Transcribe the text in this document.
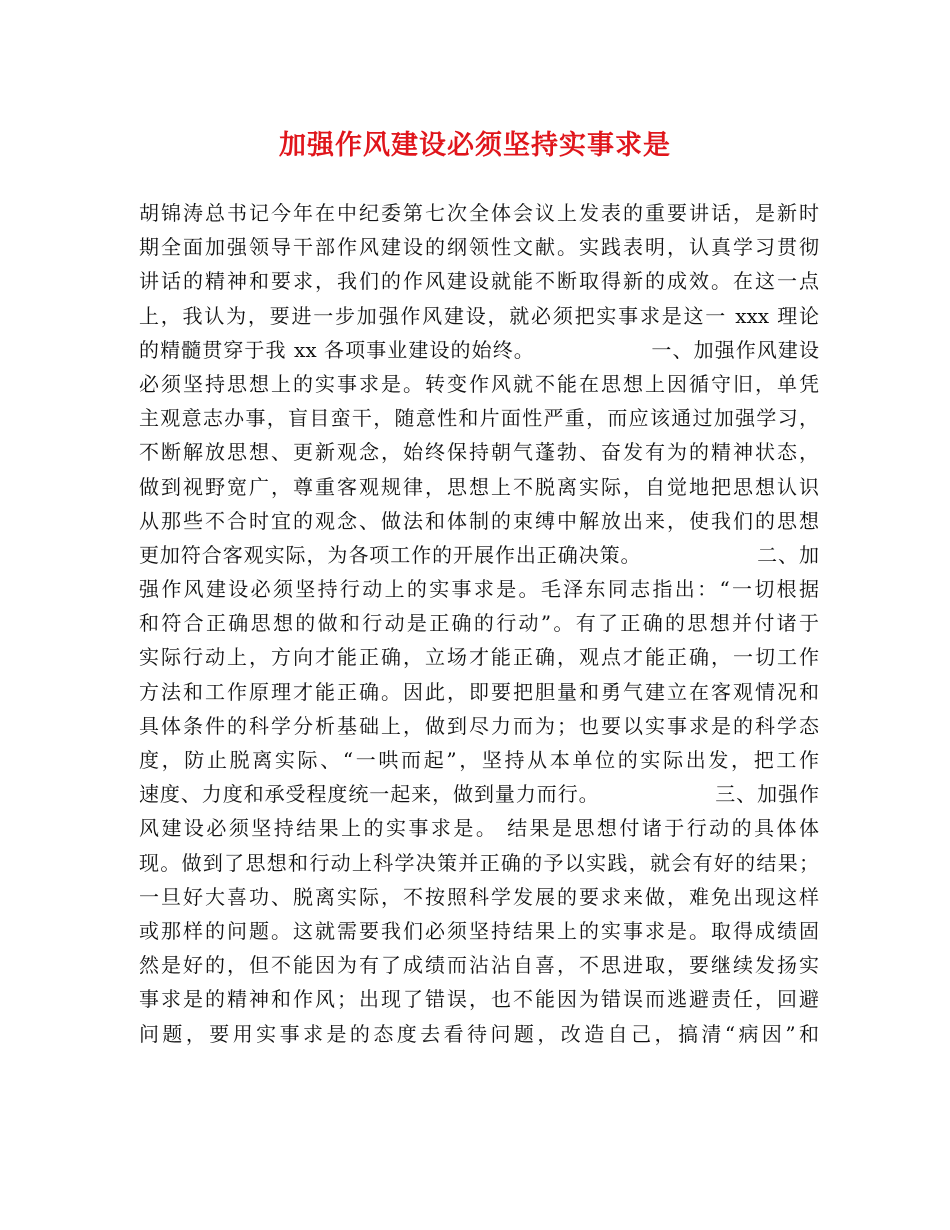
加强作风建设必须坚持实事求是
胡锦涛总书记今年在中纪委第七次全体会议上发表的重要讲话，是新时
期全面加强领导干部作风建设的纲领性文献。实践表明，认真学习贯彻
讲话的精神和要求，我们的作风建设就能不断取得新的成效。在这一点
上，我认为，要进一步加强作风建设，就必须把实事求是这一 xxx 理论
的精髓贯穿于我 xx 各项事业建设的始终。　　　　　　一、加强作风建设
必须坚持思想上的实事求是。转变作风就不能在思想上因循守旧，单凭
主观意志办事，盲目蛮干，随意性和片面性严重，而应该通过加强学习，
不断解放思想、更新观念，始终保持朝气蓬勃、奋发有为的精神状态，
做到视野宽广，尊重客观规律，思想上不脱离实际，自觉地把思想认识
从那些不合时宜的观念、做法和体制的束缚中解放出来，使我们的思想
更加符合客观实际，为各项工作的开展作出正确决策。　　　　　　二、加
强作风建设必须坚持行动上的实事求是。毛泽东同志指出：“一切根据
和符合正确思想的做和行动是正确的行动”。有了正确的思想并付诸于
实际行动上，方向才能正确，立场才能正确，观点才能正确，一切工作
方法和工作原理才能正确。因此，即要把胆量和勇气建立在客观情况和
具体条件的科学分析基础上，做到尽力而为；也要以实事求是的科学态
度，防止脱离实际、“一哄而起”，坚持从本单位的实际出发，把工作
速度、力度和承受程度统一起来，做到量力而行。　　　　　　三、加强作
风建设必须坚持结果上的实事求是。 结果是思想付诸于行动的具体体
现。做到了思想和行动上科学决策并正确的予以实践，就会有好的结果；
一旦好大喜功、脱离实际，不按照科学发展的要求来做，难免出现这样
或那样的问题。这就需要我们必须坚持结果上的实事求是。取得成绩固
然是好的，但不能因为有了成绩而沾沾自喜，不思进取，要继续发扬实
事求是的精神和作风；出现了错误，也不能因为错误而逃避责任，回避
问题，要用实事求是的态度去看待问题，改造自己，搞清“病因”和
